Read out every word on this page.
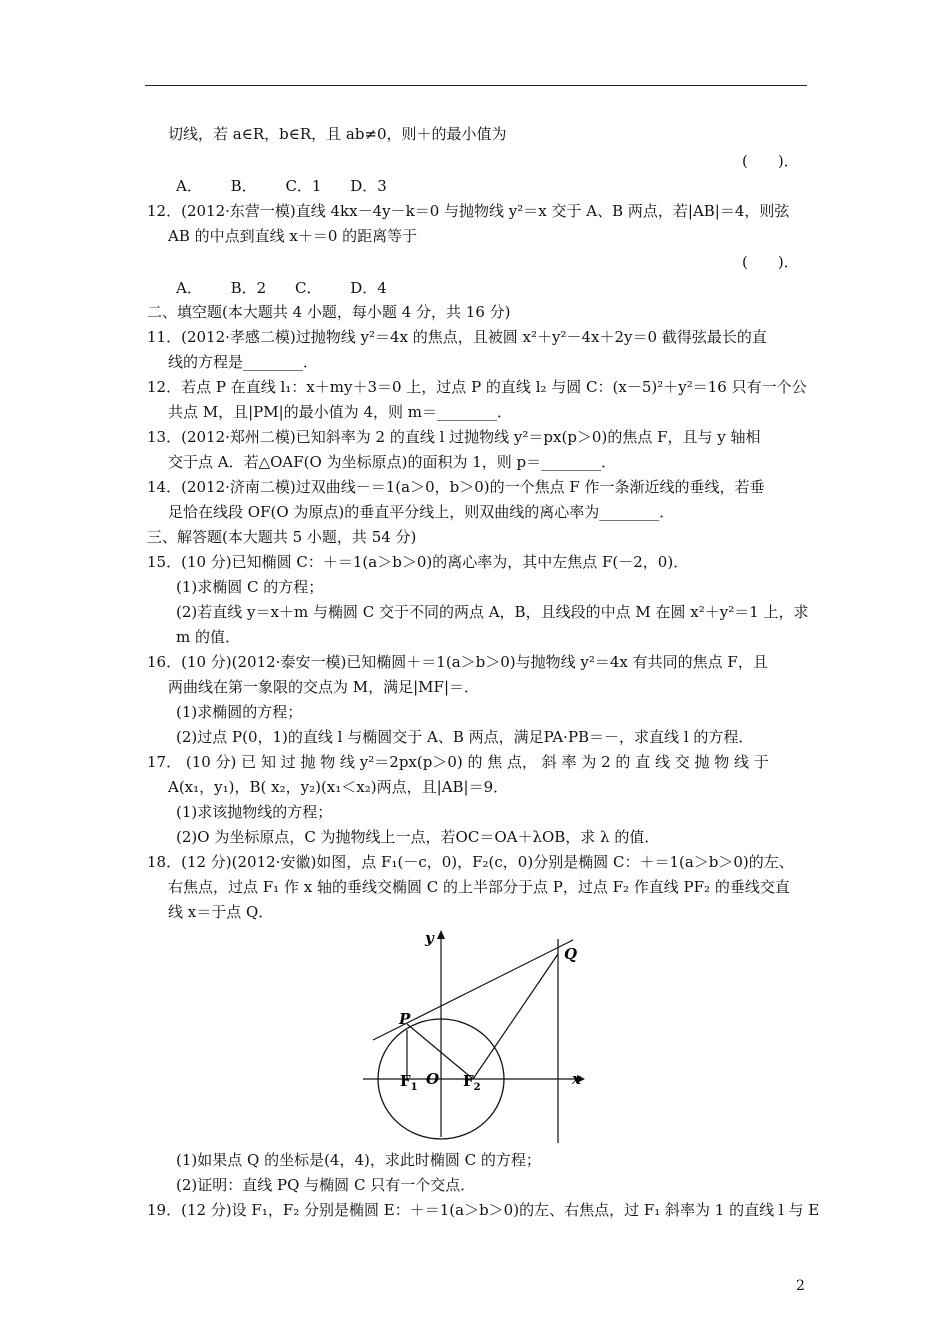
切线，若 a∈R，b∈R，且 ab≠0，则＋的最小值为
(　　)．
A． B． C．1 D．3
12．(2012·东营一模)直线 4kx－4y－k＝0 与抛物线 y²＝x 交于 A、B 两点，若|AB|＝4，则弦
AB 的中点到直线 x＋＝0 的距离等于
(　　)．
A． B．2 C． D．4
二、填空题(本大题共 4 小题，每小题 4 分，共 16 分)
11．(2012·孝感二模)过抛物线 y²＝4x 的焦点，且被圆 x²＋y²－4x＋2y＝0 截得弦最长的直
线的方程是________．
12．若点 P 在直线 l₁：x＋my＋3＝0 上，过点 P 的直线 l₂ 与圆 C：(x－5)²＋y²＝16 只有一个公
共点 M，且|PM|的最小值为 4，则 m＝________．
13．(2012·郑州二模)已知斜率为 2 的直线 l 过抛物线 y²＝px(p＞0)的焦点 F，且与 y 轴相
交于点 A．若△OAF(O 为坐标原点)的面积为 1，则 p＝________．
14．(2012·济南二模)过双曲线－＝1(a＞0，b＞0)的一个焦点 F 作一条渐近线的垂线，若垂
足恰在线段 OF(O 为原点)的垂直平分线上，则双曲线的离心率为________．
三、解答题(本大题共 5 小题，共 54 分)
15．(10 分)已知椭圆 C：＋＝1(a＞b＞0)的离心率为，其中左焦点 F(－2，0)．
(1)求椭圆 C 的方程；
(2)若直线 y＝x＋m 与椭圆 C 交于不同的两点 A，B，且线段的中点 M 在圆 x²＋y²＝1 上，求
m 的值．
16．(10 分)(2012·泰安一模)已知椭圆＋＝1(a＞b＞0)与抛物线 y²＝4x 有共同的焦点 F，且
两曲线在第一象限的交点为 M，满足|MF|＝．
(1)求椭圆的方程；
(2)过点 P(0，1)的直线 l 与椭圆交于 A、B 两点，满足PA·PB＝－，求直线 l 的方程．
17． (10 分) 已 知 过 抛 物 线 y²＝2px(p＞0) 的 焦 点， 斜 率 为 2 的 直 线 交 抛 物 线 于
A(x₁，y₁)，B( x₂，y₂)(x₁＜x₂)两点，且|AB|＝9．
(1)求该抛物线的方程；
(2)O 为坐标原点，C 为抛物线上一点，若OC＝OA＋λOB，求 λ 的值．
18．(12 分)(2012·安徽)如图，点 F₁(－c，0)，F₂(c，0)分别是椭圆 C：＋＝1(a＞b＞0)的左、
右焦点，过点 F₁ 作 x 轴的垂线交椭圆 C 的上半部分于点 P，过点 F₂ 作直线 PF₂ 的垂线交直
线 x＝于点 Q．
y
x
P
Q
O
$F_1$	$F_2$
(1)如果点 Q 的坐标是(4，4)，求此时椭圆 C 的方程；
(2)证明：直线 PQ 与椭圆 C 只有一个交点．
19．(12 分)设 F₁，F₂ 分别是椭圆 E：＋＝1(a＞b＞0)的左、右焦点，过 F₁ 斜率为 1 的直线 l 与 E
2
